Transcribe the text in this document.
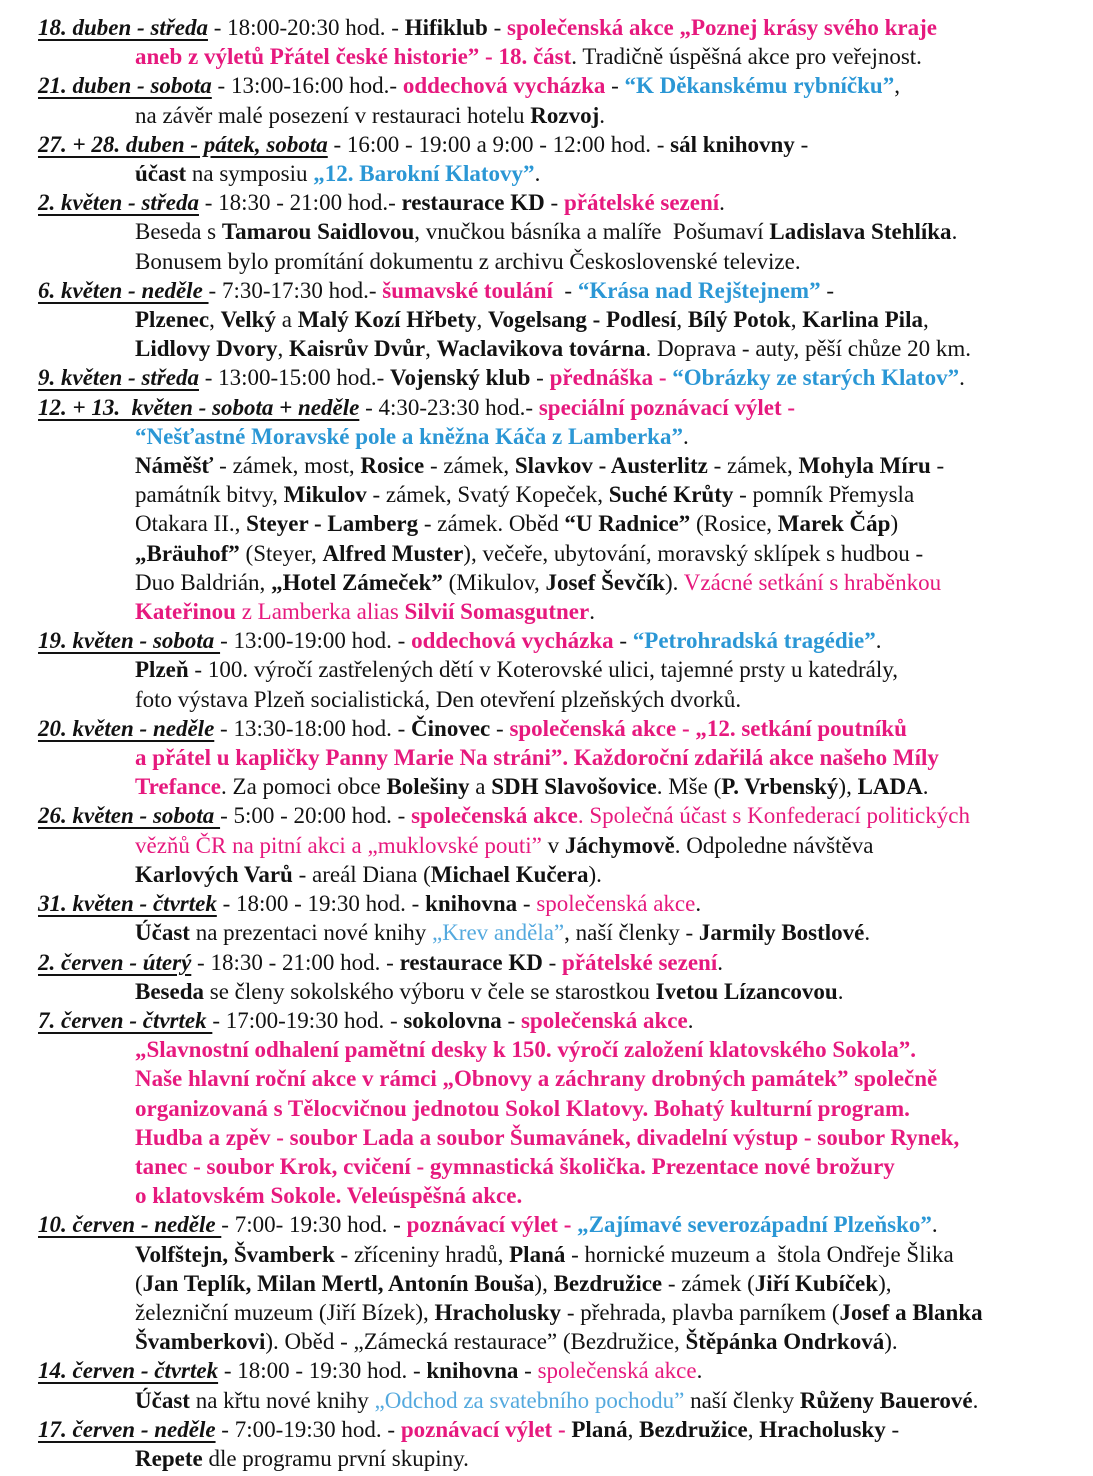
18. duben - středa - 18:00-20:30 hod. - Hifiklub - společenská akce „Poznej krásy svého kraje
aneb z výletů Přátel české historie” - 18. část. Tradičně úspěšná akce pro veřejnost.
21. duben - sobota - 13:00-16:00 hod.- oddechová vycházka - “K Děkanskému rybníčku”,
na závěr malé posezení v restauraci hotelu Rozvoj.
27. + 28. duben - pátek, sobota - 16:00 - 19:00 a 9:00 - 12:00 hod. - sál knihovny -
účast na symposiu „12. Barokní Klatovy”.
2. květen - středa - 18:30 - 21:00 hod.- restaurace KD - přátelské sezení.
Beseda s Tamarou Saidlovou, vnučkou básníka a malíře  Pošumaví Ladislava Stehlíka.
Bonusem bylo promítání dokumentu z archivu Československé televize.
6. květen - neděle - 7:30-17:30 hod.- šumavské toulání  - “Krása nad Rejštejnem” -
Plzenec, Velký a Malý Kozí Hřbety, Vogelsang - Podlesí, Bílý Potok, Karlina Pila,
Lidlovy Dvory, Kaisrův Dvůr, Waclavikova továrna. Doprava - auty, pěší chůze 20 km.
9. květen - středa - 13:00-15:00 hod.- Vojenský klub - přednáška - “Obrázky ze starých Klatov”.
12. + 13.  květen - sobota + neděle - 4:30-23:30 hod.- speciální poznávací výlet -
“Nešťastné Moravské pole a kněžna Káča z Lamberka”.
Náměšť - zámek, most, Rosice - zámek, Slavkov - Austerlitz - zámek, Mohyla Míru -
památník bitvy, Mikulov - zámek, Svatý Kopeček, Suché Krůty - pomník Přemysla
Otakara II., Steyer - Lamberg - zámek. Oběd “U Radnice” (Rosice, Marek Čáp)
„Bräuhof” (Steyer, Alfred Muster), večeře, ubytování, moravský sklípek s hudbou -
Duo Baldrián, „Hotel Zámeček” (Mikulov, Josef Ševčík). Vzácné setkání s hraběnkou
Kateřinou z Lamberka alias Silvií Somasgutner.
19. květen - sobota - 13:00-19:00 hod. - oddechová vycházka - “Petrohradská tragédie”.
Plzeň - 100. výročí zastřelených dětí v Koterovské ulici, tajemné prsty u katedrály,
foto výstava Plzeň socialistická, Den otevření plzeňských dvorků.
20. květen - neděle - 13:30-18:00 hod. - Činovec - společenská akce - „12. setkání poutníků
a přátel u kapličky Panny Marie Na stráni”. Každoroční zdařilá akce našeho Míly
Trefance. Za pomoci obce Bolešiny a SDH Slavošovice. Mše (P. Vrbenský), LADA.
26. květen - sobota - 5:00 - 20:00 hod. - společenská akce. Společná účast s Konfederací politických
vězňů ČR na pitní akci a „muklovské pouti” v Jáchymově. Odpoledne návštěva
Karlových Varů - areál Diana (Michael Kučera).
31. květen - čtvrtek - 18:00 - 19:30 hod. - knihovna - společenská akce.
Účast na prezentaci nové knihy „Krev anděla”, naší členky - Jarmily Bostlové.
2. červen - úterý - 18:30 - 21:00 hod. - restaurace KD - přátelské sezení.
Beseda se členy sokolského výboru v čele se starostkou Ivetou Lízancovou.
7. červen - čtvrtek - 17:00-19:30 hod. - sokolovna - společenská akce.
„Slavnostní odhalení pamětní desky k 150. výročí založení klatovského Sokola”.
Naše hlavní roční akce v rámci „Obnovy a záchrany drobných památek” společně
organizovaná s Tělocvičnou jednotou Sokol Klatovy. Bohatý kulturní program.
Hudba a zpěv - soubor Lada a soubor Šumavánek, divadelní výstup - soubor Rynek,
tanec - soubor Krok, cvičení - gymnastická školička. Prezentace nové brožury
o klatovském Sokole. Veleúspěšná akce.
10. červen - neděle - 7:00- 19:30 hod. - poznávací výlet - „Zajímavé severozápadní Plzeňsko”.
Volfštejn, Švamberk - zříceniny hradů, Planá - hornické muzeum a  štola Ondřeje Šlika
(Jan Teplík, Milan Mertl, Antonín Bouša), Bezdružice - zámek (Jiří Kubíček),
železniční muzeum (Jiří Bízek), Hracholusky - přehrada, plavba parníkem (Josef a Blanka
Švamberkovi). Oběd - „Zámecká restaurace” (Bezdružice, Štěpánka Ondrková).
14. červen - čtvrtek - 18:00 - 19:30 hod. - knihovna - společenská akce.
Účast na křtu nové knihy „Odchod za svatebního pochodu” naší členky Růženy Bauerové.
17. červen - neděle - 7:00-19:30 hod. - poznávací výlet - Planá, Bezdružice, Hracholusky -
Repete dle programu první skupiny.
